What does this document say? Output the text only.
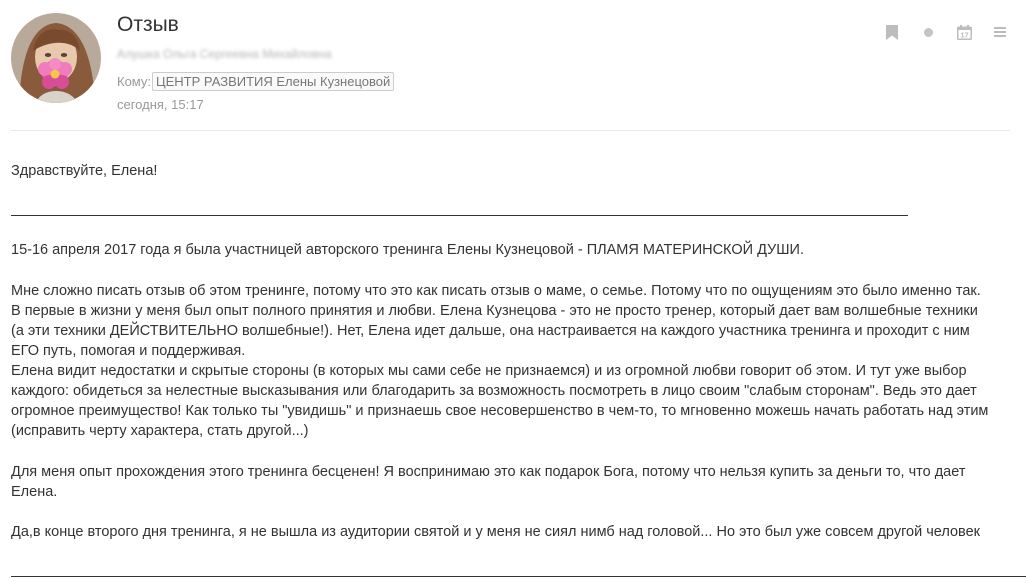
Отзыв
Алушка Ольга Сергеевна Михайловна
Кому: ЦЕНТР РАЗВИТИЯ Елены Кузнецовой
сегодня, 15:17
17
Здравствуйте, Елена!
15-16 апреля 2017 года я была участницей авторского тренинга Елены Кузнецовой - ПЛАМЯ МАТЕРИНСКОЙ ДУШИ.
Мне сложно писать отзыв об этом тренинге, потому что это как писать отзыв о маме, о семье. Потому что по ощущениям это было именно так.
В первые в жизни у меня был опыт полного принятия и любви. Елена Кузнецова - это не просто тренер, который дает вам волшебные техники
(а эти техники ДЕЙСТВИТЕЛЬНО волшебные!). Нет, Елена идет дальше, она настраивается на каждого участника тренинга и проходит с ним
ЕГО путь, помогая и поддерживая.
Елена видит недостатки и скрытые стороны (в которых мы сами себе не признаемся) и из огромной любви говорит об этом. И тут уже выбор
каждого: обидеться за нелестные высказывания или благодарить за возможность посмотреть в лицо своим "слабым сторонам". Ведь это дает
огромное преимущество! Как только ты "увидишь" и признаешь свое несовершенство в чем-то, то мгновенно можешь начать работать над этим
(исправить черту характера, стать другой...)
Для меня опыт прохождения этого тренинга бесценен! Я воспринимаю это как подарок Бога, потому что нельзя купить за деньги то, что дает
Елена.
Да,в конце второго дня тренинга, я не вышла из аудитории святой и у меня не сиял нимб над головой... Но это был уже совсем другой человек
